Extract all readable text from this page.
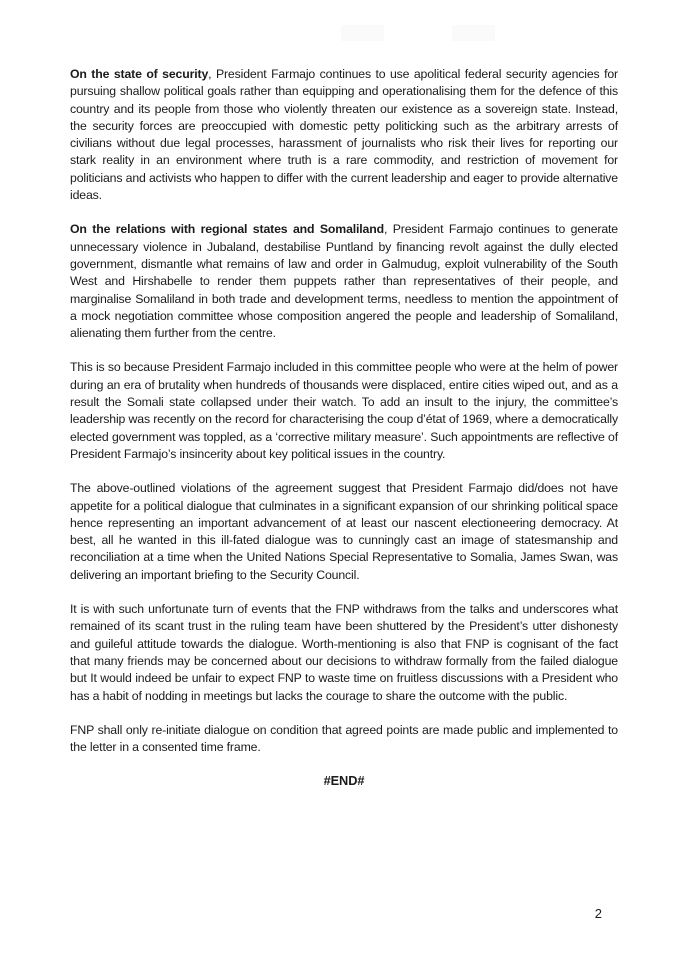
On the state of security, President Farmajo continues to use apolitical federal security agencies for pursuing shallow political goals rather than equipping and operationalising them for the defence of this country and its people from those who violently threaten our existence as a sovereign state. Instead, the security forces are preoccupied with domestic petty politicking such as the arbitrary arrests of civilians without due legal processes, harassment of journalists who risk their lives for reporting our stark reality in an environment where truth is a rare commodity, and restriction of movement for politicians and activists who happen to differ with the current leadership and eager to provide alternative ideas.

On the relations with regional states and Somaliland, President Farmajo continues to generate unnecessary violence in Jubaland, destabilise Puntland by financing revolt against the dully elected government, dismantle what remains of law and order in Galmudug, exploit vulnerability of the South West and Hirshabelle to render them puppets rather than representatives of their people, and marginalise Somaliland in both trade and development terms, needless to mention the appointment of a mock negotiation committee whose composition angered the people and leadership of Somaliland, alienating them further from the centre.

This is so because President Farmajo included in this committee people who were at the helm of power during an era of brutality when hundreds of thousands were displaced, entire cities wiped out, and as a result the Somali state collapsed under their watch. To add an insult to the injury, the committee’s leadership was recently on the record for characterising the coup d’état of 1969, where a democratically elected government was toppled, as a ‘corrective military measure’. Such appointments are reflective of President Farmajo’s insincerity about key political issues in the country.

The above-outlined violations of the agreement suggest that President Farmajo did/does not have appetite for a political dialogue that culminates in a significant expansion of our shrinking political space hence representing an important advancement of at least our nascent electioneering democracy. At best, all he wanted in this ill-fated dialogue was to cunningly cast an image of statesmanship and reconciliation at a time when the United Nations Special Representative to Somalia, James Swan, was delivering an important briefing to the Security Council.

It is with such unfortunate turn of events that the FNP withdraws from the talks and underscores what remained of its scant trust in the ruling team have been shuttered by the President’s utter dishonesty and guileful attitude towards the dialogue. Worth-mentioning is also that FNP is cognisant of the fact that many friends may be concerned about our decisions to withdraw formally from the failed dialogue but It would indeed be unfair to expect FNP to waste time on fruitless discussions with a President who has a habit of nodding in meetings but lacks the courage to share the outcome with the public.

FNP shall only re-initiate dialogue on condition that agreed points are made public and implemented to the letter in a consented time frame.

#END#
2
